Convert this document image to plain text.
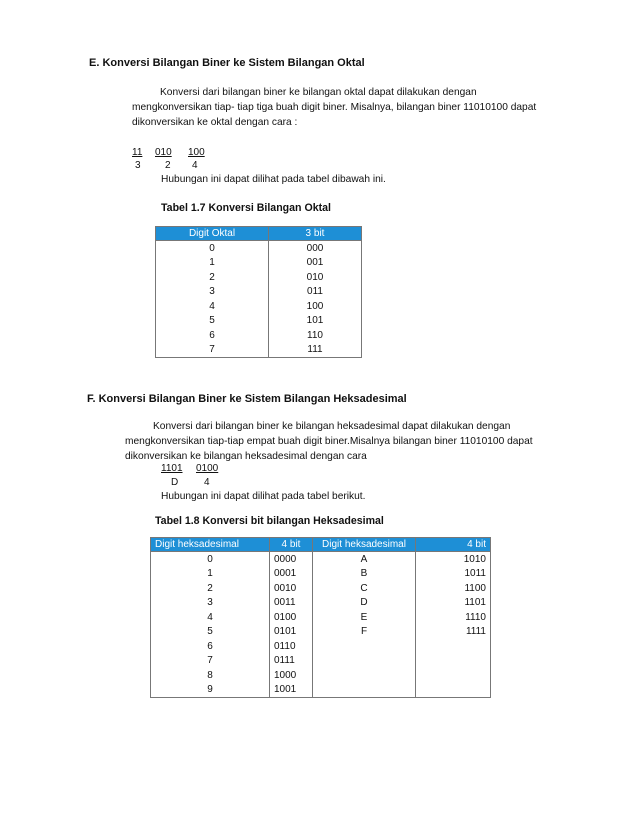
E. Konversi Bilangan Biner ke Sistem Bilangan Oktal
Konversi dari bilangan biner ke bilangan oktal dapat dilakukan dengan
mengkonversikan tiap- tiap tiga buah digit biner. Misalnya, bilangan biner 11010100 dapat
dikonversikan ke oktal dengan cara :
11 010 100
3 2 4
Hubungan ini dapat dilihat pada tabel dibawah ini.
Tabel 1.7 Konversi Bilangan Oktal
Digit Oktal	3 bit
0	000
1	001
2	010
3	011
4	100
5	101
6	110
7	111
F. Konversi Bilangan Biner ke Sistem Bilangan Heksadesimal
Konversi dari bilangan biner ke bilangan heksadesimal dapat dilakukan dengan
mengkonversikan tiap-tiap empat buah digit biner.Misalnya bilangan biner 11010100 dapat
dikonversikan ke bilangan heksadesimal dengan cara
1101 0100
D	4
Hubungan ini dapat dilihat pada tabel berikut.
Tabel 1.8 Konversi bit bilangan Heksadesimal
Digit heksadesimal	4 bit	Digit heksadesimal	4 bit
0	0000	A	1010
1	0001	B	1011
2	0010	C	1100
3	0011	D	1101
4	0100	E	1110
5	0101	F	1111
6	0110		
7	0111		
8	1000		
9	1001		
